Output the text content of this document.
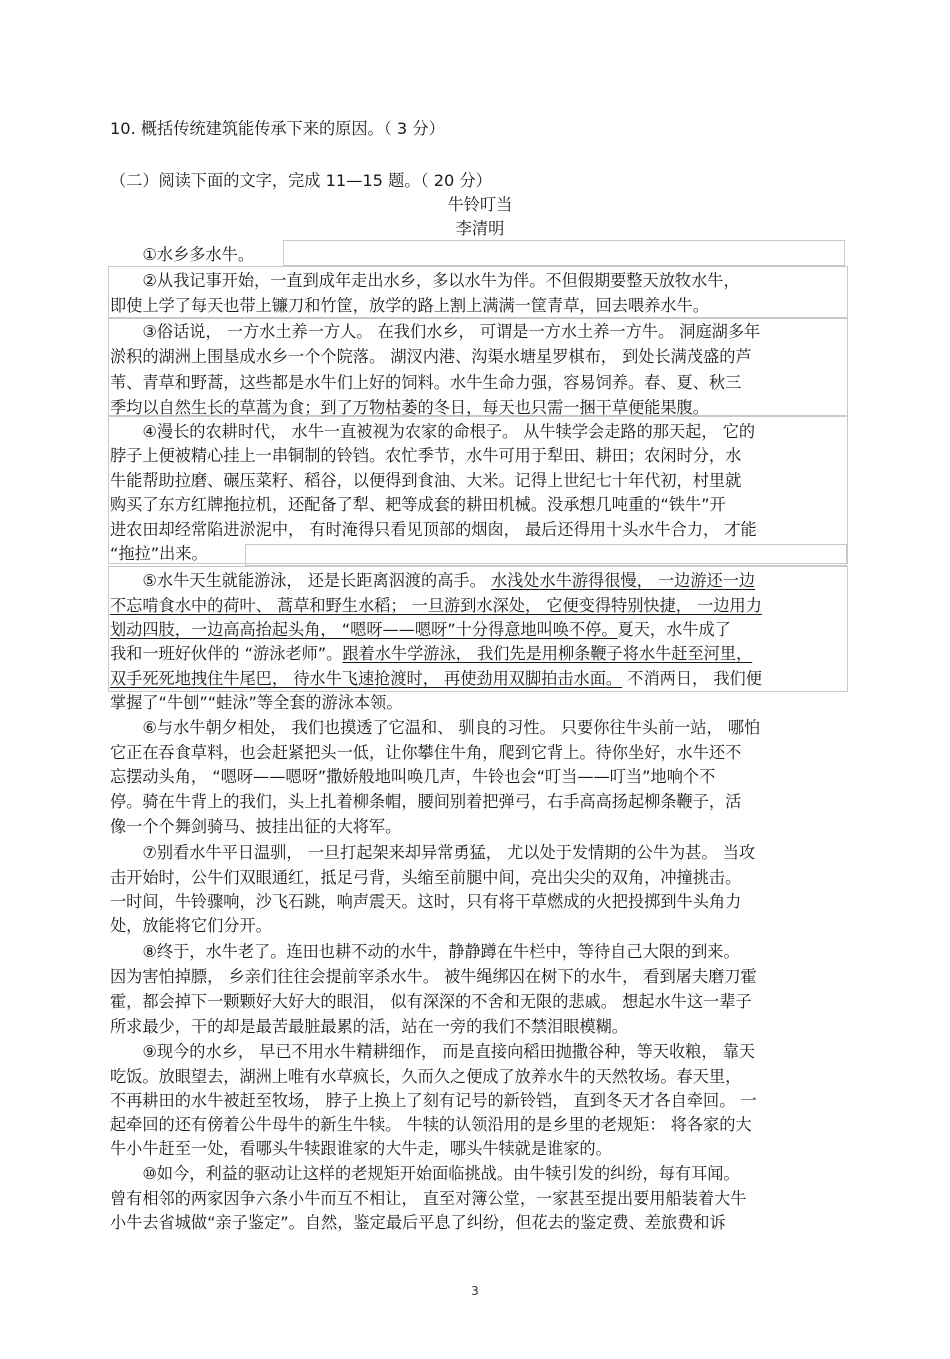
10. 概括传统建筑能传承下来的原因。（ 3 分）
（二）阅读下面的文字，完成 11—15 题。（ 20 分）
牛铃叮当
李清明
　　①水乡多水牛。
　　②从我记事开始，一直到成年走出水乡，多以水牛为伴。不但假期要整天放牧水牛，
即使上学了每天也带上镰刀和竹筐，放学的路上割上满满一筐青草，回去喂养水牛。
　　③俗话说， 一方水土养一方人。 在我们水乡， 可谓是一方水土养一方牛。 洞庭湖多年
淤积的湖洲上围垦成水乡一个个院落。 湖汊内港、沟渠水塘星罗棋布， 到处长满茂盛的芦
苇、青草和野蒿，这些都是水牛们上好的饲料。水牛生命力强，容易饲养。春、夏、秋三
季均以自然生长的草蒿为食；到了万物枯萎的冬日，每天也只需一捆干草便能果腹。
　　④漫长的农耕时代， 水牛一直被视为农家的命根子。 从牛犊学会走路的那天起， 它的
脖子上便被精心挂上一串铜制的铃铛。农忙季节，水牛可用于犁田、耕田；农闲时分，水
牛能帮助拉磨、碾压菜籽、稻谷，以便得到食油、大米。记得上世纪七十年代初，村里就
购买了东方红牌拖拉机，还配备了犁、耙等成套的耕田机械。没承想几吨重的“铁牛”开
进农田却经常陷进淤泥中， 有时淹得只看见顶部的烟囱， 最后还得用十头水牛合力， 才能
“拖拉”出来。
　　⑤水牛天生就能游泳， 还是长距离泅渡的高手。 水浅处水牛游得很慢， 一边游还一边
不忘啃食水中的荷叶、 蒿草和野生水稻； 一旦游到水深处， 它便变得特别快捷， 一边用力
划动四肢，一边高高抬起头角， “嗯呀——嗯呀”十分得意地叫唤不停。夏天，水牛成了
我和一班好伙伴的 “游泳老师”。跟着水牛学游泳， 我们先是用柳条鞭子将水牛赶至河里，
双手死死地拽住牛尾巴， 待水牛飞速抢渡时， 再使劲用双脚拍击水面。 不消两日， 我们便
掌握了“牛刨”“蛙泳”等全套的游泳本领。
　　⑥与水牛朝夕相处， 我们也摸透了它温和、 驯良的习性。 只要你往牛头前一站， 哪怕
它正在吞食草料，也会赶紧把头一低，让你攀住牛角，爬到它背上。待你坐好，水牛还不
忘摆动头角， “嗯呀——嗯呀”撒娇般地叫唤几声，牛铃也会“叮当——叮当”地响个不
停。骑在牛背上的我们，头上扎着柳条帽，腰间别着把弹弓，右手高高扬起柳条鞭子，活
像一个个舞剑骑马、披挂出征的大将军。
　　⑦别看水牛平日温驯， 一旦打起架来却异常勇猛， 尤以处于发情期的公牛为甚。 当攻
击开始时，公牛们双眼通红，抵足弓背，头缩至前腿中间，亮出尖尖的双角，冲撞挑击。
一时间，牛铃骤响，沙飞石跳，响声震天。这时，只有将干草燃成的火把投掷到牛头角力
处，放能将它们分开。
　　⑧终于，水牛老了。连田也耕不动的水牛，静静蹲在牛栏中，等待自己大限的到来。
因为害怕掉膘， 乡亲们往往会提前宰杀水牛。 被牛绳绑囚在树下的水牛， 看到屠夫磨刀霍
霍，都会掉下一颗颗好大好大的眼泪， 似有深深的不舍和无限的悲戚。 想起水牛这一辈子
所求最少，干的却是最苦最脏最累的活，站在一旁的我们不禁泪眼模糊。
　　⑨现今的水乡， 早已不用水牛精耕细作， 而是直接向稻田抛撒谷种，等天收粮， 靠天
吃饭。放眼望去，湖洲上唯有水草疯长，久而久之便成了放养水牛的天然牧场。春天里，
不再耕田的水牛被赶至牧场， 脖子上换上了刻有记号的新铃铛， 直到冬天才各自牵回。 一
起牵回的还有傍着公牛母牛的新生牛犊。 牛犊的认领沿用的是乡里的老规矩： 将各家的大
牛小牛赶至一处，看哪头牛犊跟谁家的大牛走，哪头牛犊就是谁家的。
　　⑩如今，利益的驱动让这样的老规矩开始面临挑战。由牛犊引发的纠纷，每有耳闻。
曾有相邻的两家因争六条小牛而互不相让， 直至对簿公堂，一家甚至提出要用船装着大牛
小牛去省城做“亲子鉴定”。自然，鉴定最后平息了纠纷，但花去的鉴定费、差旅费和诉
3
